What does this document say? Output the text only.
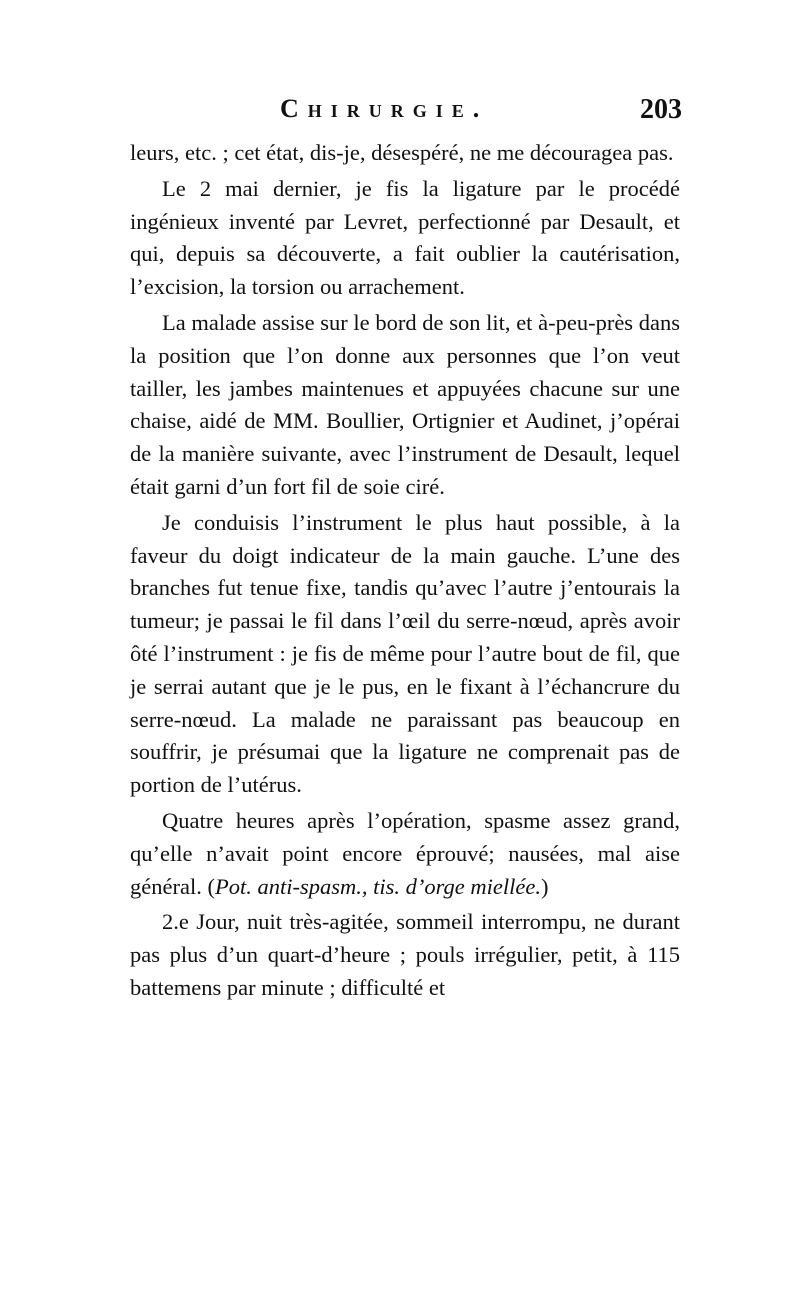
Chirurgie.	203

leurs, etc. ; cet état, dis-je, désespéré, ne me découragea pas.

Le 2 mai dernier, je fis la ligature par le procédé ingénieux inventé par Levret, perfectionné par Desault, et qui, depuis sa découverte, a fait oublier la cautérisation, l’excision, la torsion ou arrachement.

La malade assise sur le bord de son lit, et à-peu-près dans la position que l’on donne aux personnes que l’on veut tailler, les jambes maintenues et appuyées chacune sur une chaise, aidé de MM. Boullier, Ortignier et Audinet, j’opérai de la manière suivante, avec l’instrument de Desault, lequel était garni d’un fort fil de soie ciré.

Je conduisis l’instrument le plus haut possible, à la faveur du doigt indicateur de la main gauche. L’une des branches fut tenue fixe, tandis qu’avec l’autre j’entourais la tumeur; je passai le fil dans l’œil du serre-nœud, après avoir ôté l’instrument : je fis de même pour l’autre bout de fil, que je serrai autant que je le pus, en le fixant à l’échancrure du serre-nœud. La malade ne paraissant pas beaucoup en souffrir, je présumai que la ligature ne comprenait pas de portion de l’utérus.

Quatre heures après l’opération, spasme assez grand, qu’elle n’avait point encore éprouvé; nausées, mal aise général. (Pot. anti-spasm., tis. d’orge miellée.)

2.e Jour, nuit très-agitée, sommeil interrompu, ne durant pas plus d’un quart-d’heure ; pouls irrégulier, petit, à 115 battemens par minute ; difficulté et
